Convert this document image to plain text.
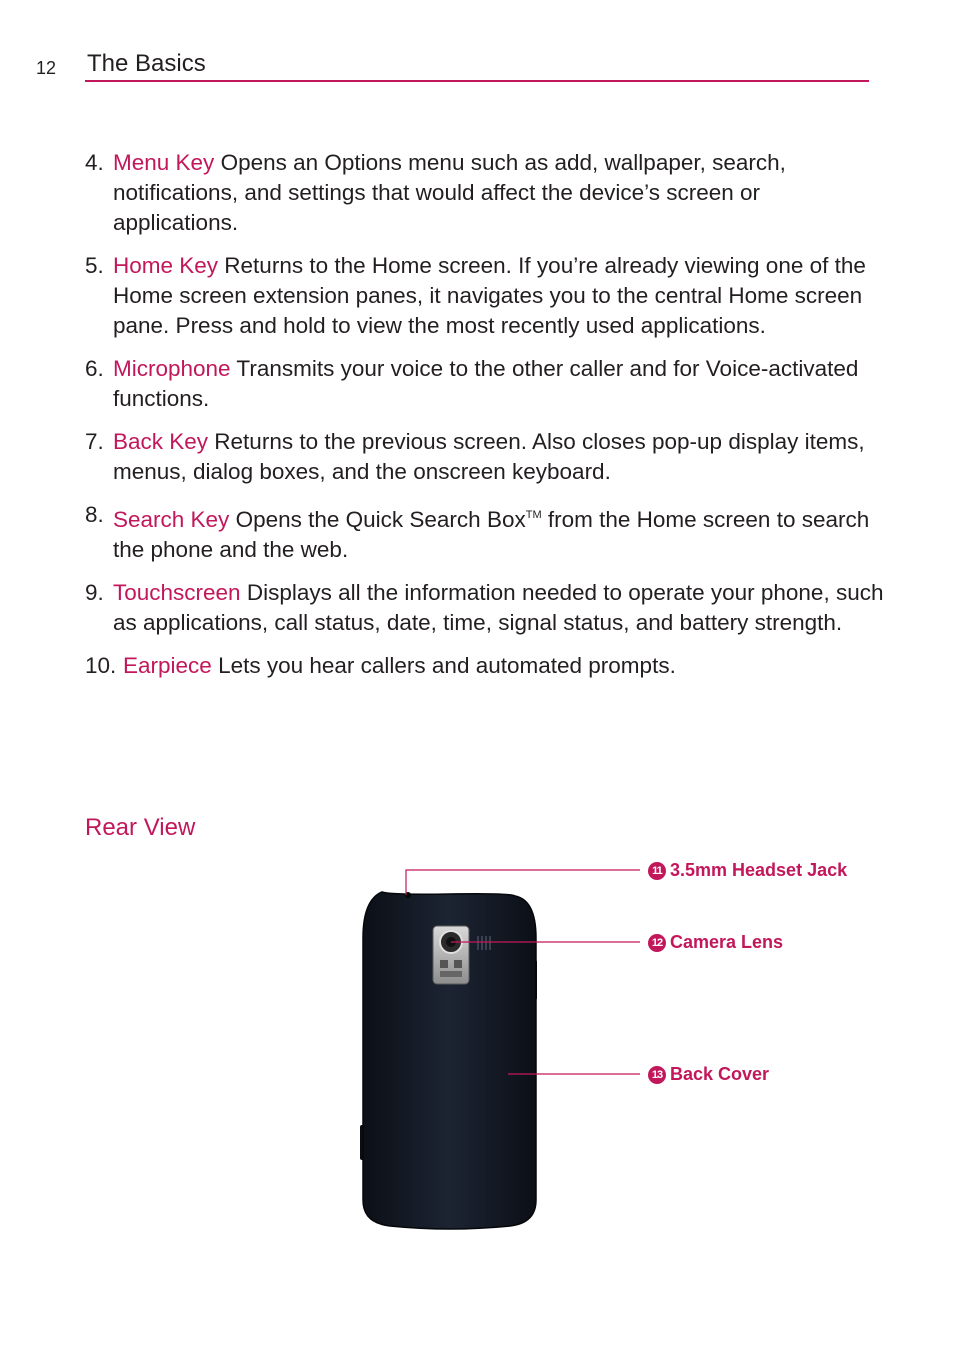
12 The Basics
4. Menu Key Opens an Options menu such as add, wallpaper, search, notifications, and settings that would affect the device’s screen or applications.
5. Home Key Returns to the Home screen. If you’re already viewing one of the Home screen extension panes, it navigates you to the central Home screen pane. Press and hold to view the most recently used applications.
6. Microphone Transmits your voice to the other caller and for Voice-activated functions.
7. Back Key Returns to the previous screen. Also closes pop-up display items, menus, dialog boxes, and the onscreen keyboard.
8. Search Key Opens the Quick Search Box™ from the Home screen to search the phone and the web.
9. Touchscreen Displays all the information needed to operate your phone, such as applications, call status, date, time, signal status, and battery strength.
10. Earpiece Lets you hear callers and automated prompts.
Rear View
11 3.5mm Headset Jack
12 Camera Lens
13 Back Cover
